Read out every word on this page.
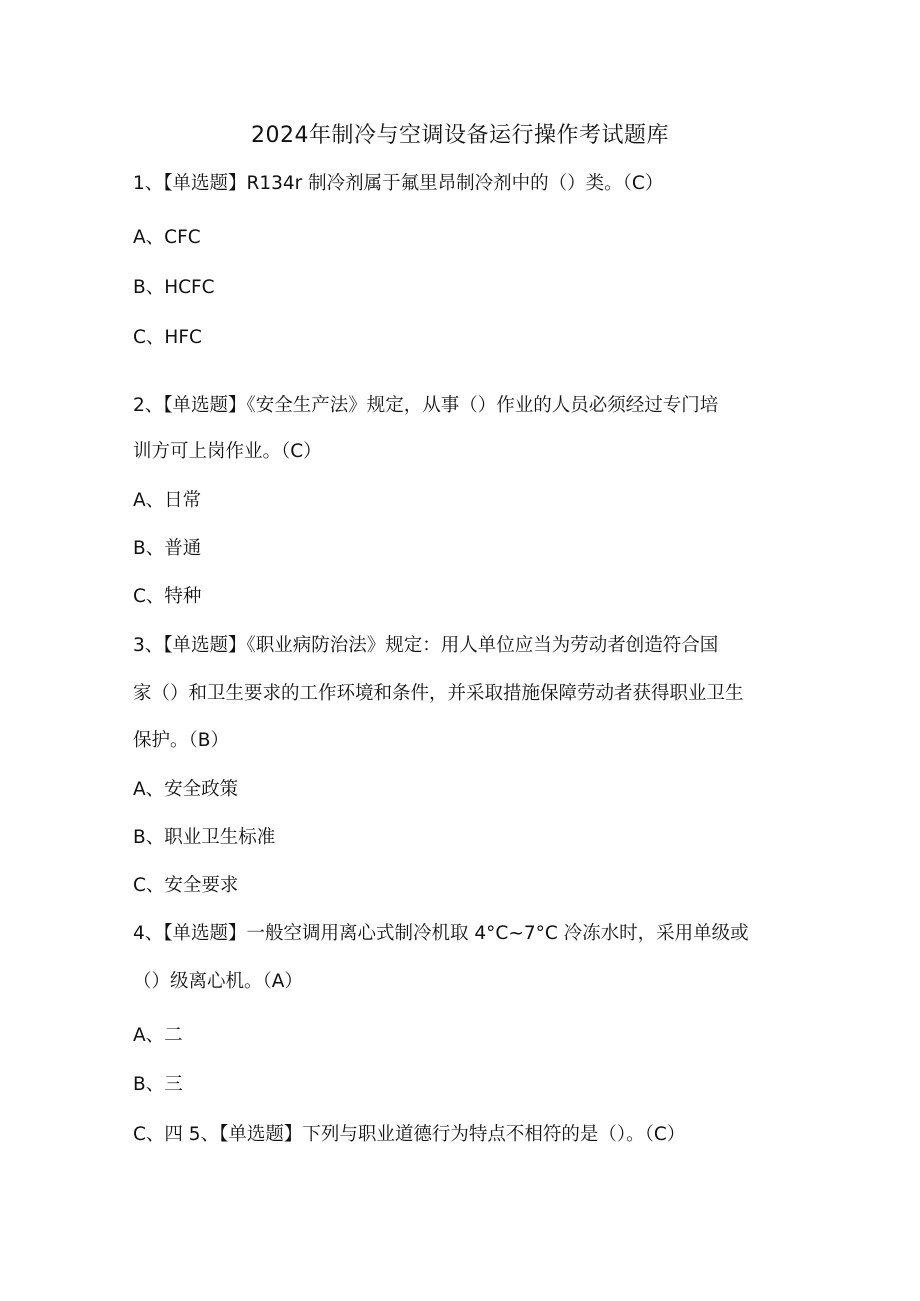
2024年制冷与空调设备运行操作考试题库
1、【单选题】R134r 制冷剂属于氟里昂制冷剂中的（）类。（C）
A、CFC
B、HCFC
C、HFC
2、【单选题】《安全生产法》规定，从事（）作业的人员必须经过专门培
训方可上岗作业。（C）
A、日常
B、普通
C、特种
3、【单选题】《职业病防治法》规定：用人单位应当为劳动者创造符合国
家（）和卫生要求的工作环境和条件，并采取措施保障劳动者获得职业卫生
保护。（B）
A、安全政策
B、职业卫生标准
C、安全要求
4、【单选题】一般空调用离心式制冷机取 4°C~7°C 冷冻水时，采用单级或
（）级离心机。（A）
A、二
B、三
C、四 5、【单选题】下列与职业道德行为特点不相符的是（）。（C）
